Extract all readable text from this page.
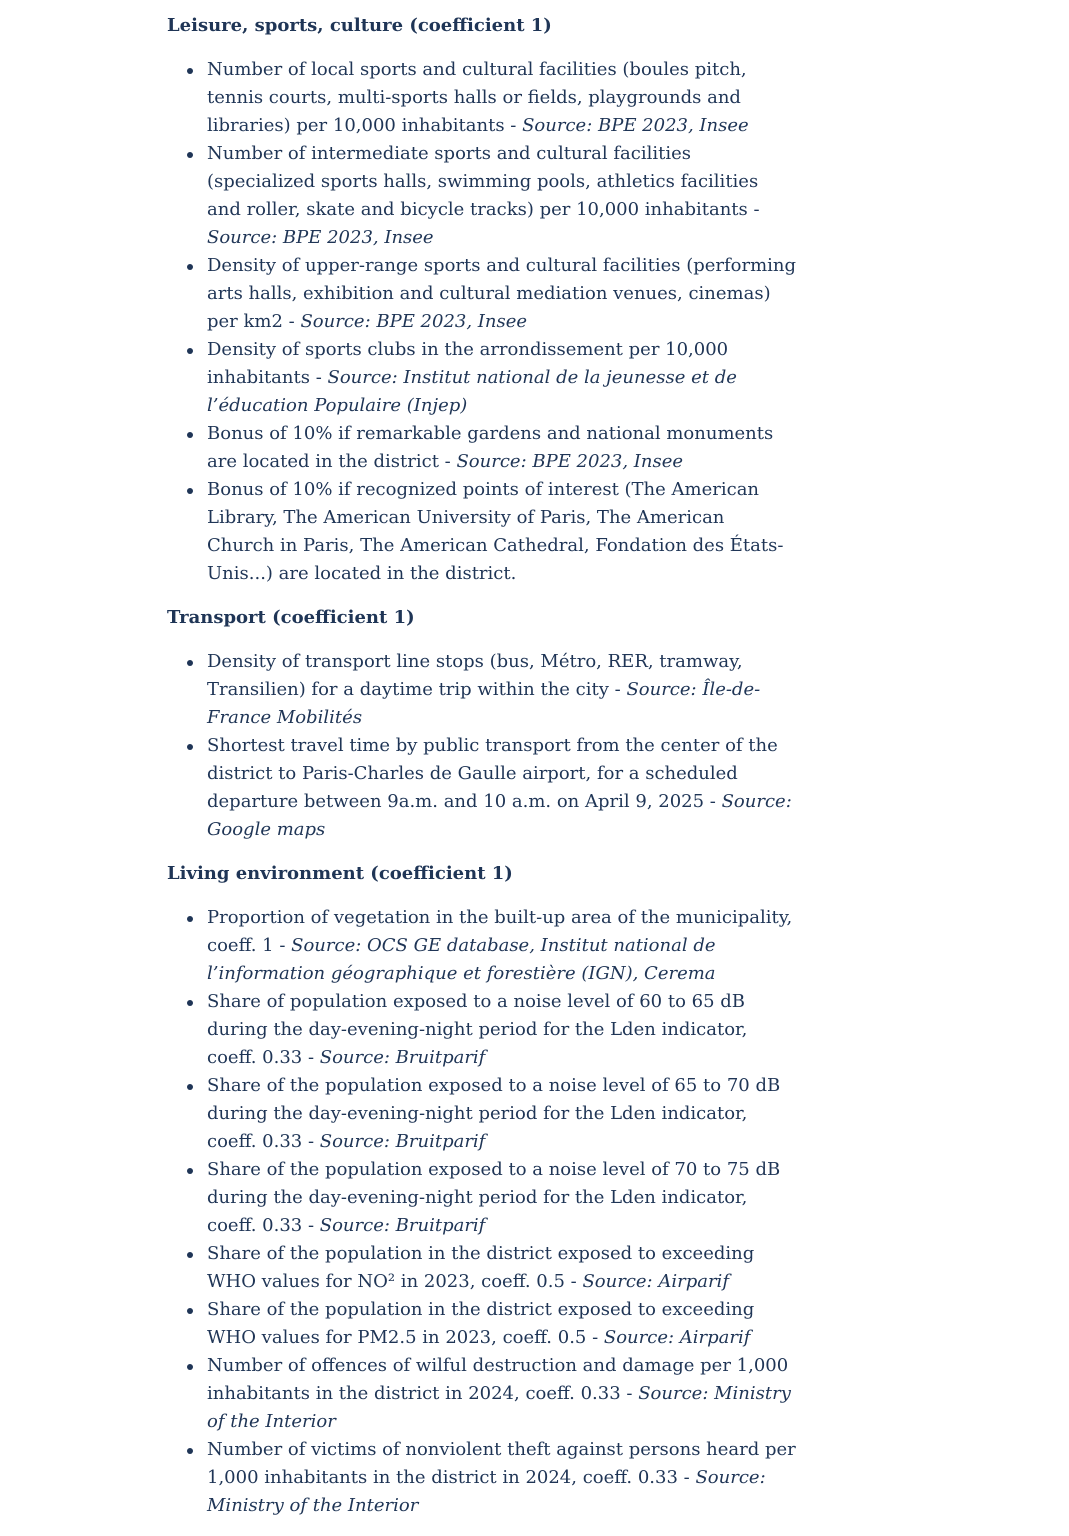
Leisure, sports, culture (coefficient 1)
Number of local sports and cultural facilities (boules pitch, tennis courts, multi-sports halls or fields, playgrounds and libraries) per 10,000 inhabitants - Source: BPE 2023, Insee
Number of intermediate sports and cultural facilities (specialized sports halls, swimming pools, athletics facilities and roller, skate and bicycle tracks) per 10,000 inhabitants - Source: BPE 2023, Insee
Density of upper-range sports and cultural facilities (performing arts halls, exhibition and cultural mediation venues, cinemas) per km2 - Source: BPE 2023, Insee
Density of sports clubs in the arrondissement per 10,000 inhabitants - Source: Institut national de la jeunesse et de l’éducation Populaire (Injep)
Bonus of 10% if remarkable gardens and national monuments are located in the district - Source: BPE 2023, Insee
Bonus of 10% if recognized points of interest (The American Library, The American University of Paris, The American Church in Paris, The American Cathedral, Fondation des États-Unis...) are located in the district.
Transport (coefficient 1)
Density of transport line stops (bus, Métro, RER, tramway, Transilien) for a daytime trip within the city - Source: Île-de-France Mobilités
Shortest travel time by public transport from the center of the district to Paris-Charles de Gaulle airport, for a scheduled departure between 9a.m. and 10 a.m. on April 9, 2025 - Source: Google maps
Living environment (coefficient 1)
Proportion of vegetation in the built-up area of the municipality, coeff. 1 - Source: OCS GE database, Institut national de l’information géographique et forestière (IGN), Cerema
Share of population exposed to a noise level of 60 to 65 dB during the day-evening-night period for the Lden indicator, coeff. 0.33 - Source: Bruitparif
Share of the population exposed to a noise level of 65 to 70 dB during the day-evening-night period for the Lden indicator, coeff. 0.33 - Source: Bruitparif
Share of the population exposed to a noise level of 70 to 75 dB during the day-evening-night period for the Lden indicator, coeff. 0.33 - Source: Bruitparif
Share of the population in the district exposed to exceeding WHO values for NO² in 2023, coeff. 0.5 - Source: Airparif
Share of the population in the district exposed to exceeding WHO values for PM2.5 in 2023, coeff. 0.5 - Source: Airparif
Number of offences of wilful destruction and damage per 1,000 inhabitants in the district in 2024, coeff. 0.33 - Source: Ministry of the Interior
Number of victims of nonviolent theft against persons heard per 1,000 inhabitants in the district in 2024, coeff. 0.33 - Source: Ministry of the Interior
